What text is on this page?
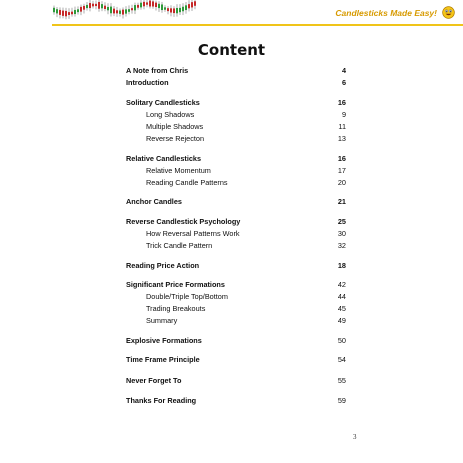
Candlesticks Made Easy!
Content
A Note from Chris	4
Introduction	6
Solitary Candlesticks	16
Long Shadows	9
Multiple Shadows	11
Reverse Rejecton	13
Relative Candlesticks	16
Relative Momentum	17
Reading Candle Patterns	20
Anchor Candles	21
Reverse Candlestick Psychology	25
How Reversal Patterns Work	30
Trick Candle Pattern	32
Reading Price Action	18
Significant Price Formations	42
Double/Triple Top/Bottom	44
Trading Breakouts	45
Summary	49
Explosive Formations	50
Time Frame Principle	54
Never Forget To	55
Thanks For Reading	59
3
